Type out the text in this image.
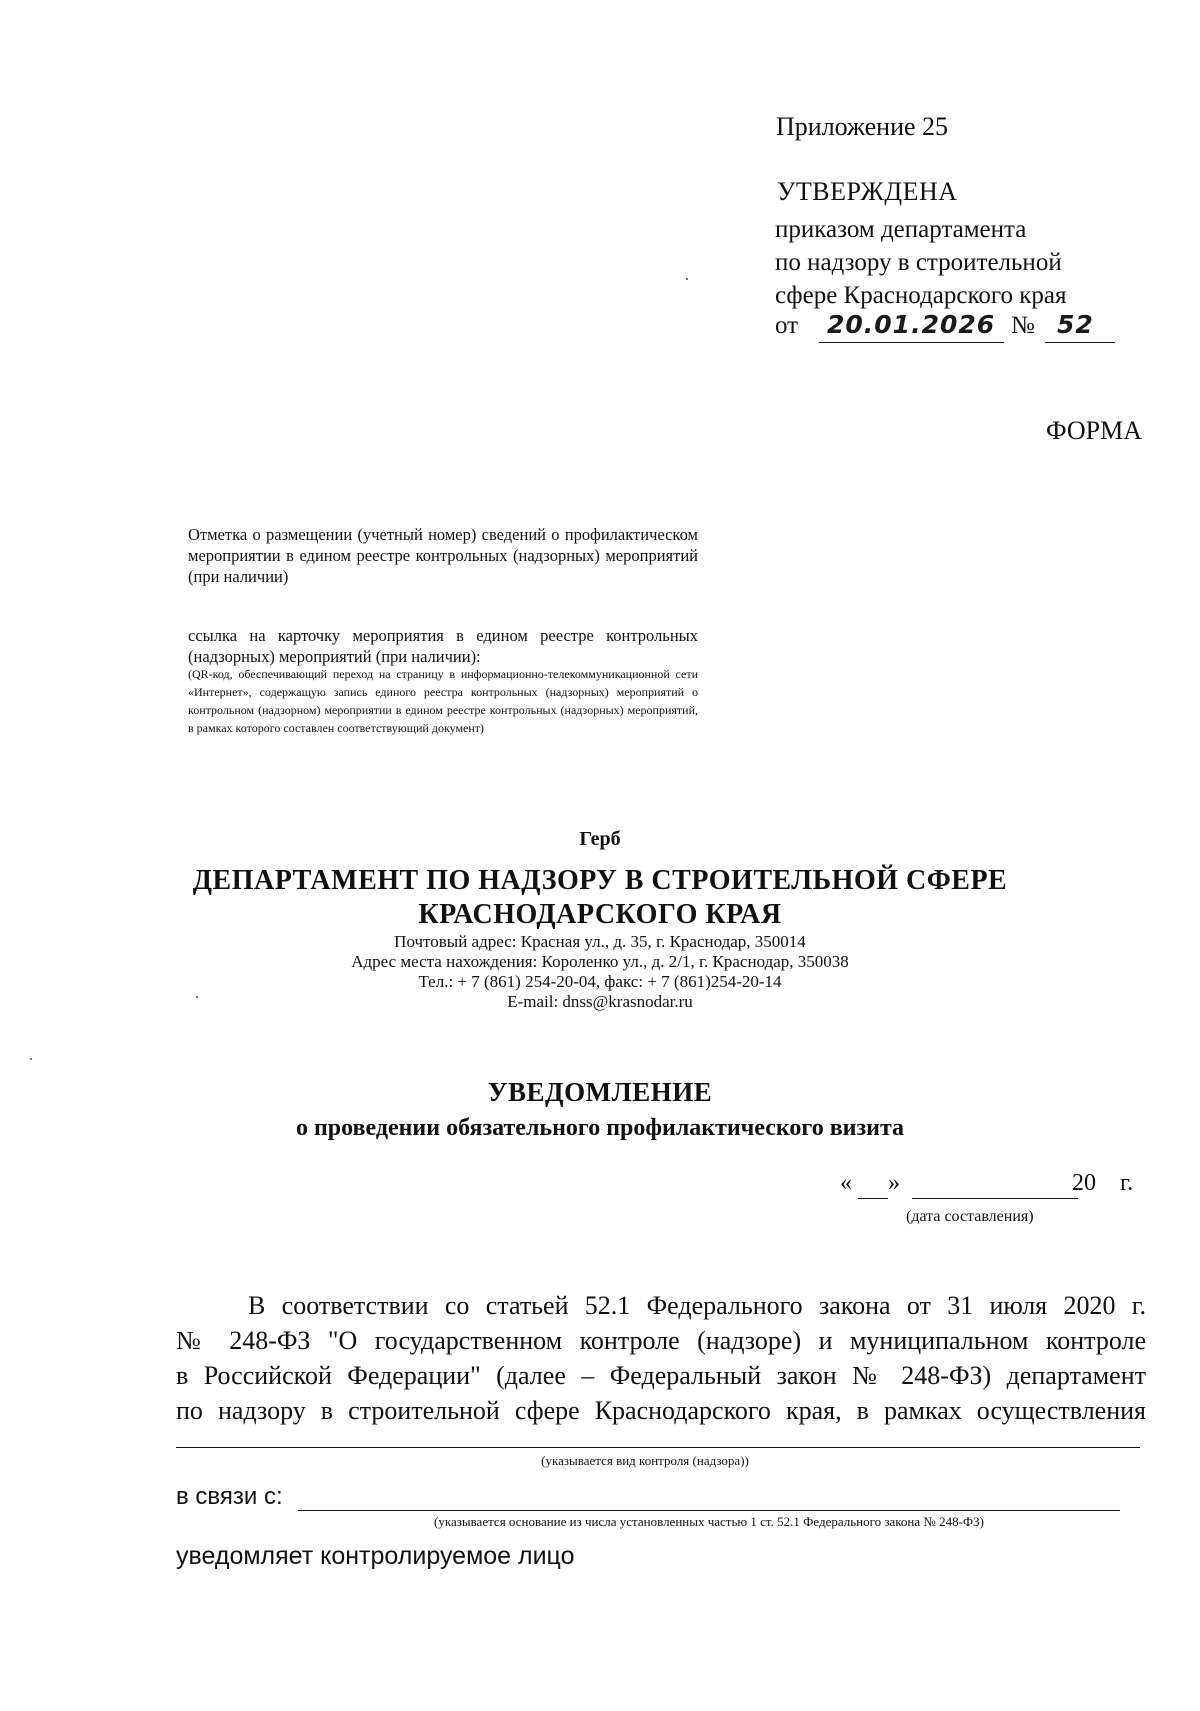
Приложение 25
УТВЕРЖДЕНА
приказом департамента
по надзору в строительной
сфере Краснодарского края
от 20.01.2026 № 52
ФОРМА
Отметка о размещении (учетный номер) сведений о профилактическом мероприятии в едином реестре контрольных (надзорных) мероприятий (при наличии)
ссылка на карточку мероприятия в едином реестре контрольных (надзорных) мероприятий (при наличии):
(QR-код, обеспечивающий переход на страницу в информационно-телекоммуникационной сети «Интернет», содержащую запись единого реестра контрольных (надзорных) мероприятий о контрольном (надзорном) мероприятии в едином реестре контрольных (надзорных) мероприятий, в рамках которого составлен соответствующий документ)
Герб
ДЕПАРТАМЕНТ ПО НАДЗОРУ В СТРОИТЕЛЬНОЙ СФЕРЕ
КРАСНОДАРСКОГО КРАЯ
Почтовый адрес: Красная ул., д. 35, г. Краснодар, 350014
Адрес места нахождения: Короленко ул., д. 2/1, г. Краснодар, 350038
Тел.: + 7 (861) 254-20-04, факс: + 7 (861)254-20-14
E-mail: dnss@krasnodar.ru
УВЕДОМЛЕНИЕ
о проведении обязательного профилактического визита
« »	20 г.
(дата составления)
В соответствии со статьей 52.1 Федерального закона от 31 июля 2020 г.
№ 248-ФЗ "О государственном контроле (надзоре) и муниципальном контроле
в Российской Федерации" (далее – Федеральный закон № 248-ФЗ) департамент
по надзору в строительной сфере Краснодарского края, в рамках осуществления
(указывается вид контроля (надзора))
в связи с:
(указывается основание из числа установленных частью 1 ст. 52.1 Федерального закона № 248-ФЗ)
уведомляет контролируемое лицо
